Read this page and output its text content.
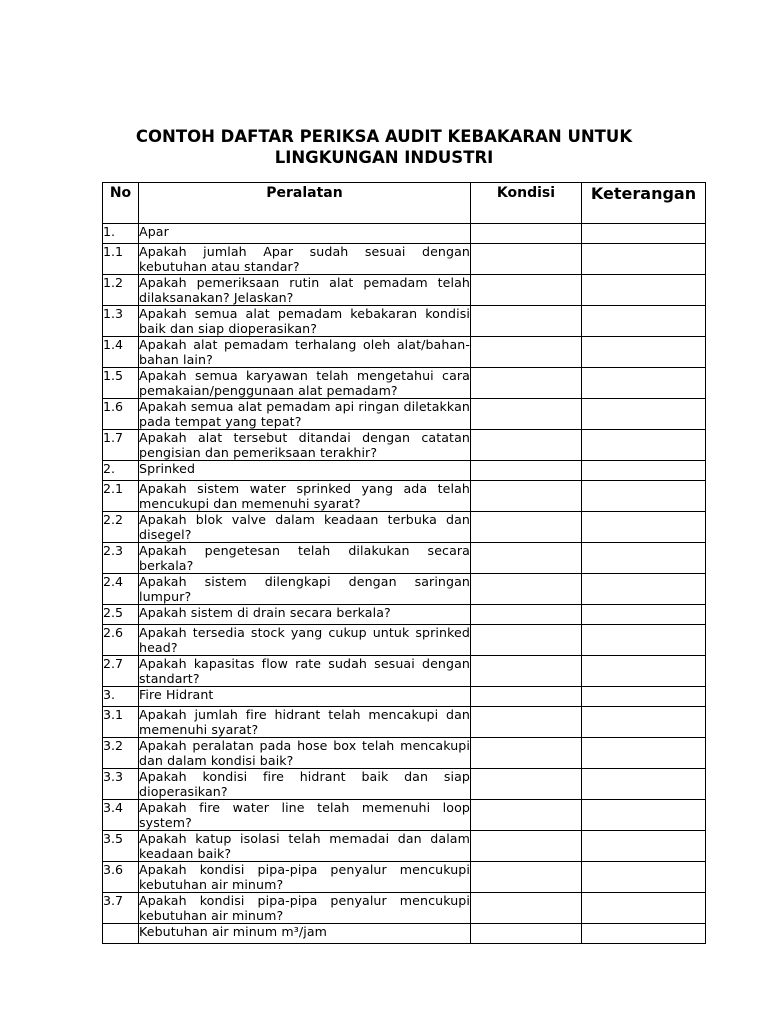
CONTOH DAFTAR PERIKSA AUDIT KEBAKARAN UNTUK
LINGKUNGAN INDUSTRI
No	Peralatan	Kondisi	Keterangan
1.	Apar		
1.1	Apakah jumlah Apar sudah sesuai dengan kebutuhan atau standar?		
1.2	Apakah pemeriksaan rutin alat pemadam telah dilaksanakan? Jelaskan?		
1.3	Apakah semua alat pemadam kebakaran kondisi baik dan siap dioperasikan?		
1.4	Apakah alat pemadam terhalang oleh alat/bahan-bahan lain?		
1.5	Apakah semua karyawan telah mengetahui cara pemakaian/penggunaan alat pemadam?		
1.6	Apakah semua alat pemadam api ringan diletakkan pada tempat yang tepat?		
1.7	Apakah alat tersebut ditandai dengan catatan pengisian dan pemeriksaan terakhir?		
2.	Sprinked		
2.1	Apakah sistem water sprinked yang ada telah mencukupi dan memenuhi syarat?		
2.2	Apakah blok valve dalam keadaan terbuka dan disegel?		
2.3	Apakah pengetesan telah dilakukan secara berkala?		
2.4	Apakah sistem dilengkapi dengan saringan lumpur?		
2.5	Apakah sistem di drain secara berkala?		
2.6	Apakah tersedia stock yang cukup untuk sprinked head?		
2.7	Apakah kapasitas flow rate sudah sesuai dengan standart?		
3.	Fire Hidrant		
3.1	Apakah jumlah fire hidrant telah mencakupi dan memenuhi syarat?		
3.2	Apakah peralatan pada hose box telah mencakupi dan dalam kondisi baik?		
3.3	Apakah kondisi fire hidrant baik dan siap dioperasikan?		
3.4	Apakah fire water line telah memenuhi loop system?		
3.5	Apakah katup isolasi telah memadai dan dalam keadaan baik?		
3.6	Apakah kondisi pipa-pipa penyalur mencukupi kebutuhan air minum?		
3.7	Apakah kondisi pipa-pipa penyalur mencukupi kebutuhan air minum?		
	Kebutuhan air minum m³/jam		
